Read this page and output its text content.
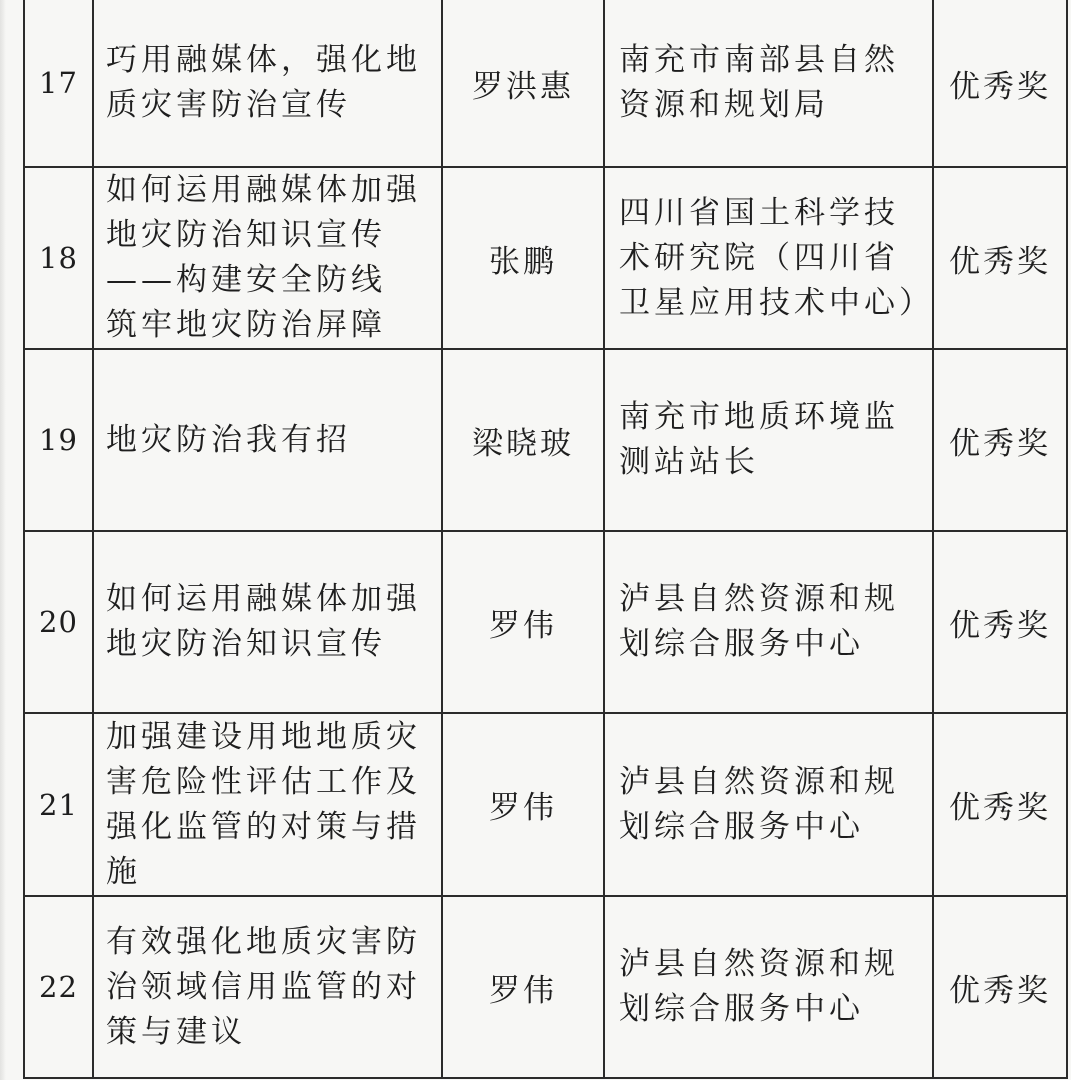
17	巧用融媒体，强化地质灾害防治宣传	罗洪惠	南充市南部县自然资源和规划局	优秀奖
18	如何运用融媒体加强地灾防治知识宣传——构建安全防线　筑牢地灾防治屏障	张鹏	四川省国土科学技术研究院（四川省卫星应用技术中心）	优秀奖
19	地灾防治我有招	梁晓玻	南充市地质环境监测站站长	优秀奖
20	如何运用融媒体加强地灾防治知识宣传	罗伟	泸县自然资源和规划综合服务中心	优秀奖
21	加强建设用地地质灾害危险性评估工作及强化监管的对策与措施	罗伟	泸县自然资源和规划综合服务中心	优秀奖
22	有效强化地质灾害防治领域信用监管的对策与建议	罗伟	泸县自然资源和规划综合服务中心	优秀奖
